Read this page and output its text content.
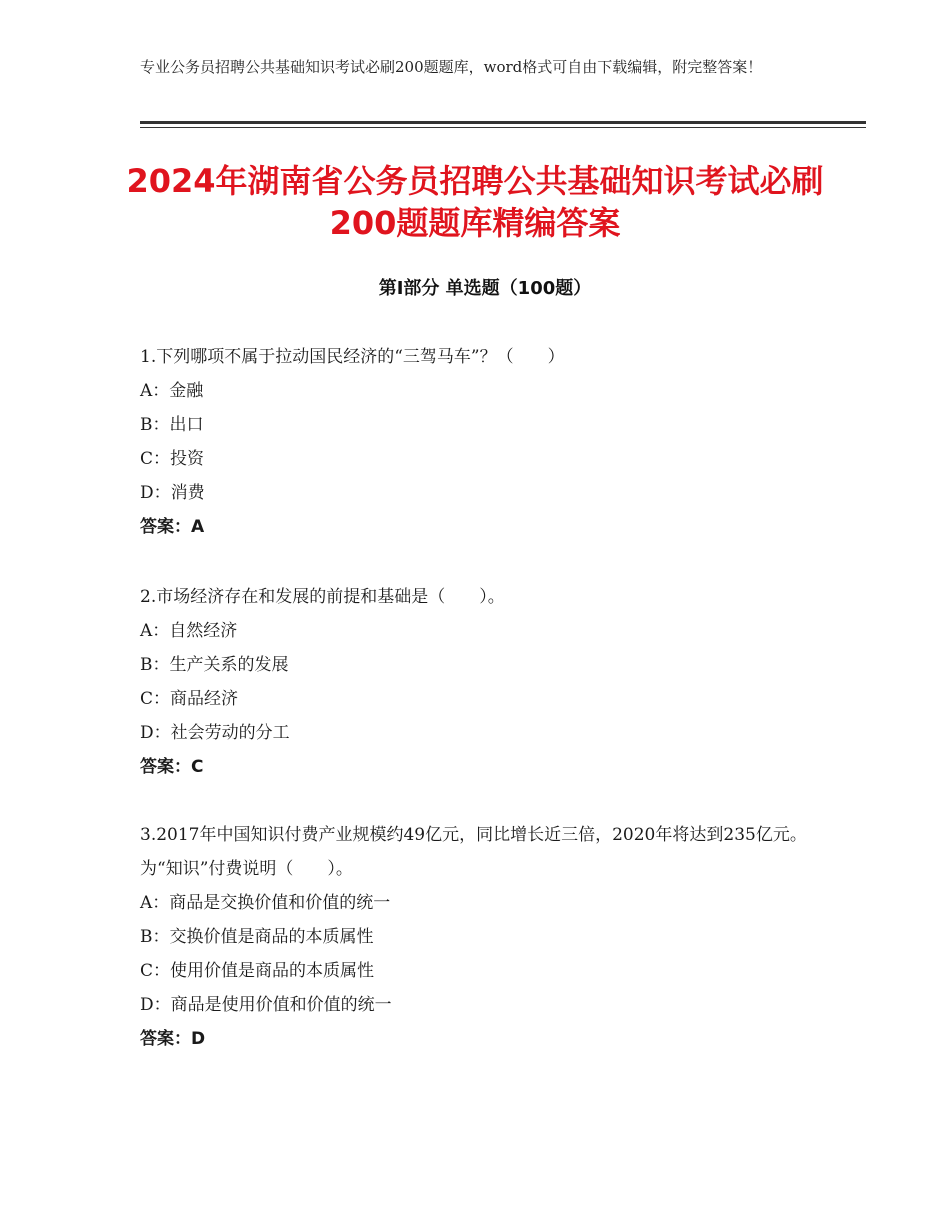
专业公务员招聘公共基础知识考试必刷200题题库，word格式可自由下载编辑，附完整答案！
2024年湖南省公务员招聘公共基础知识考试必刷200题题库精编答案
第Ⅰ部分 单选题（100题）

1.下列哪项不属于拉动国民经济的“三驾马车”？（　　）

A：金融

B：出口

C：投资

D：消费

答案：A

2.市场经济存在和发展的前提和基础是（　　）。

A：自然经济

B：生产关系的发展

C：商品经济

D：社会劳动的分工

答案：C

3.2017年中国知识付费产业规模约49亿元，同比增长近三倍，2020年将达到235亿元。为“知识”付费说明（　　）。

A：商品是交换价值和价值的统一

B：交换价值是商品的本质属性

C：使用价值是商品的本质属性

D：商品是使用价值和价值的统一

答案：D
